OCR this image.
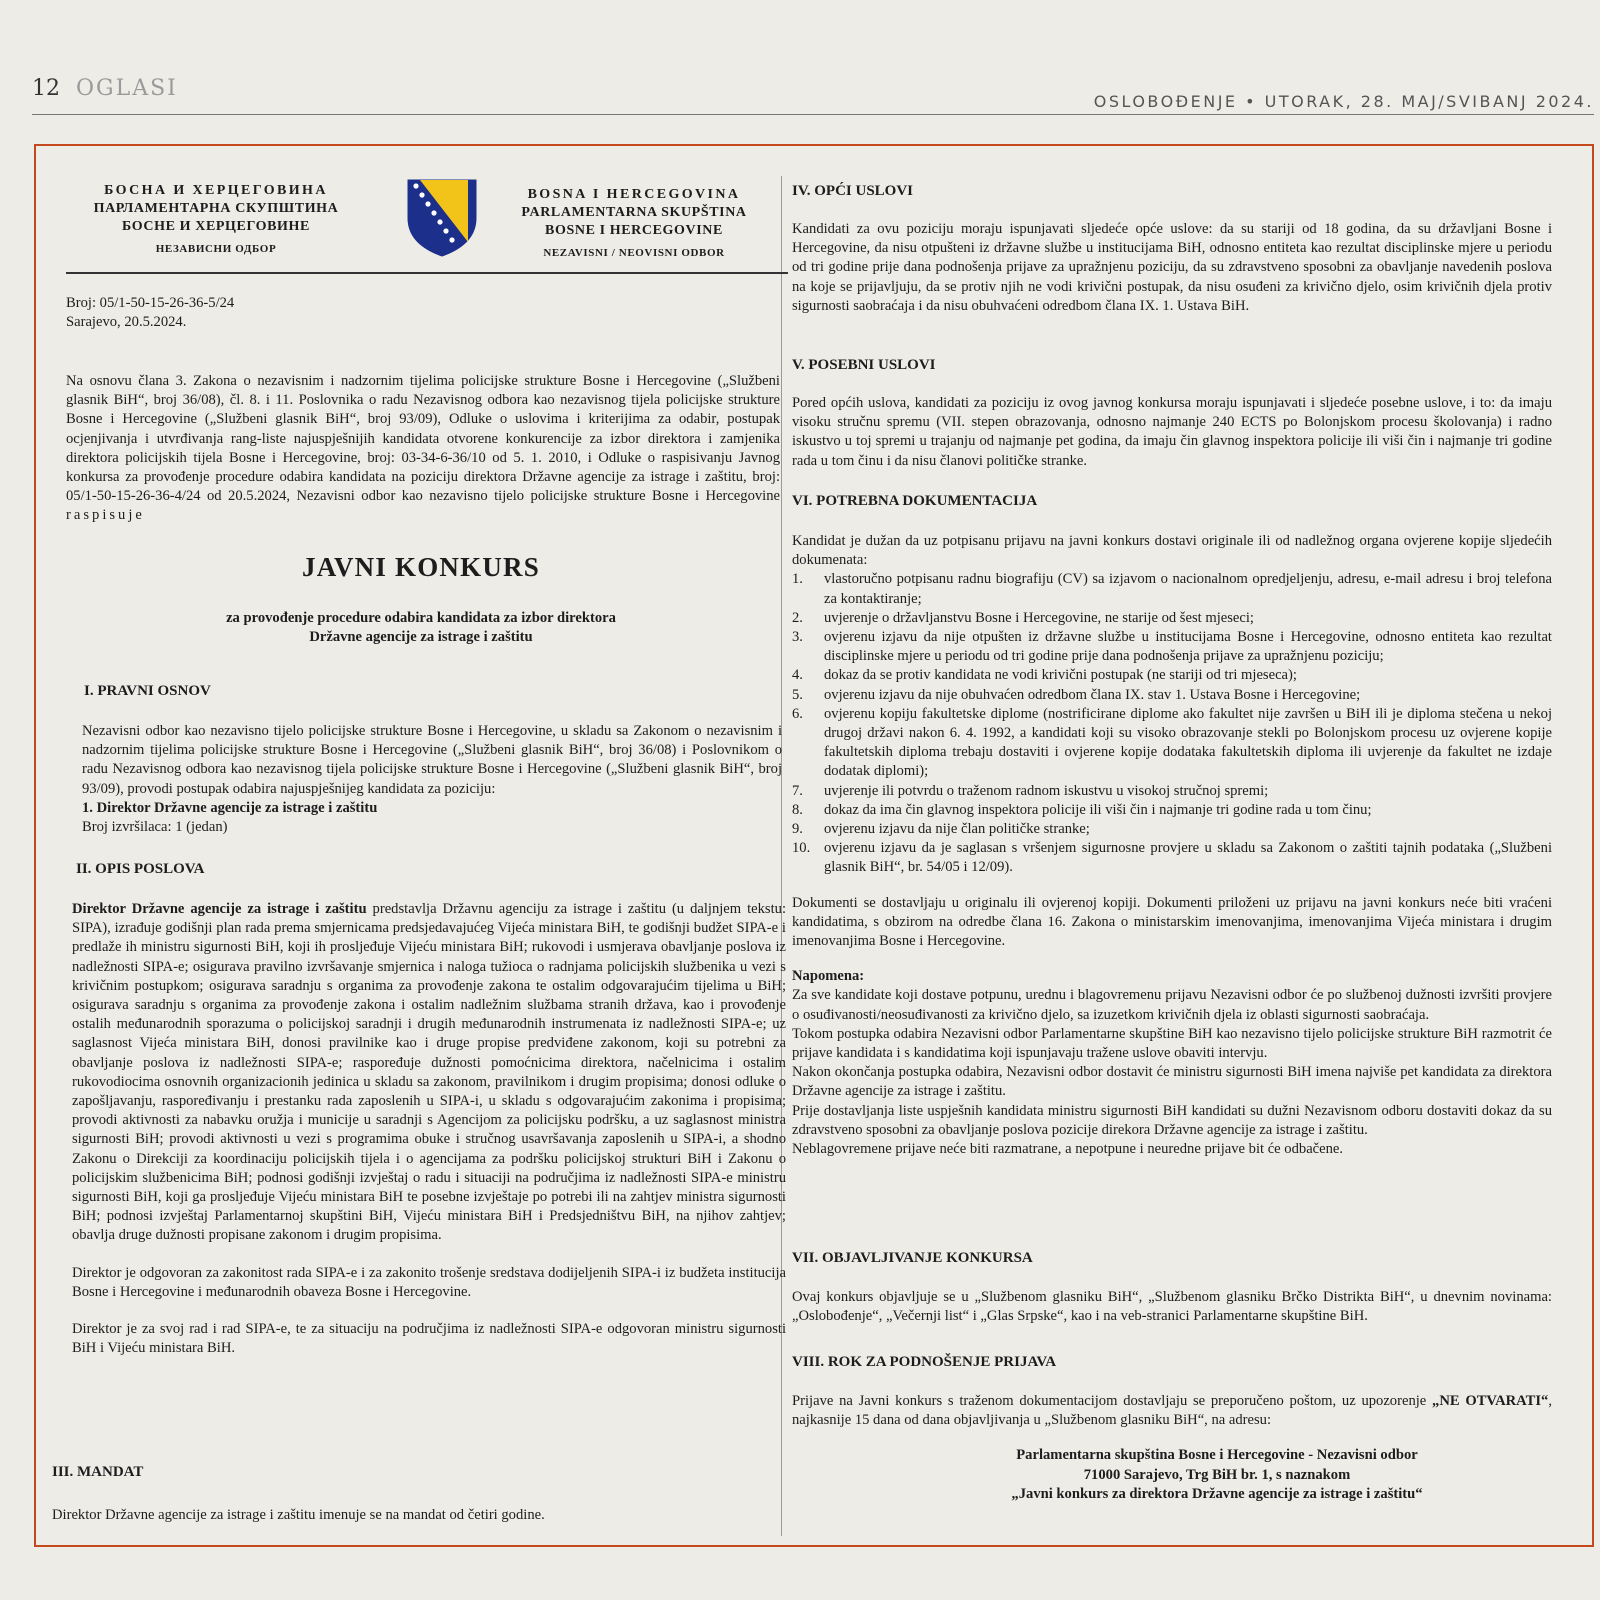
12 OGLASI
OSLOBOĐENJE • UTORAK, 28. MAJ/SVIBANJ 2024.
БОСНА И ХЕРЦЕГОВИНА
ПАРЛАМЕНТАРНА СКУПШТИНА
БОСНЕ И ХЕРЦЕГОВИНЕ
НЕЗАВИСНИ ОДБОР
BOSNA I HERCEGOVINA
PARLAMENTARNA SKUPŠTINA
BOSNE I HERCEGOVINE
NEZAVISNI / NEOVISNI ODBOR
Broj: 05/1-50-15-26-36-5/24
Sarajevo, 20.5.2024.
Na osnovu člana 3. Zakona o nezavisnim i nadzornim tijelima policijske strukture Bosne i Hercegovine („Službeni glasnik BiH“, broj 36/08), čl. 8. i 11. Poslovnika o radu Nezavisnog odbora kao nezavisnog tijela policijske strukture Bosne i Hercegovine („Službeni glasnik BiH“, broj 93/09), Odluke o uslovima i kriterijima za odabir, postupak ocjenjivanja i utvrđivanja rang-liste najuspješnijih kandidata otvorene konkurencije za izbor direktora i zamjenika direktora policijskih tijela Bosne i Hercegovine, broj: 03-34-6-36/10 od 5. 1. 2010, i Odluke o raspisivanju Javnog konkursa za provođenje procedure odabira kandidata na poziciju direktora Državne agencije za istrage i zaštitu, broj: 05/1-50-15-26-36-4/24 od 20.5.2024, Nezavisni odbor kao nezavisno tijelo policijske strukture Bosne i Hercegovine raspisuje
JAVNI KONKURS
za provođenje procedure odabira kandidata za izbor direktora
Državne agencije za istrage i zaštitu
I. PRAVNI OSNOV
Nezavisni odbor kao nezavisno tijelo policijske strukture Bosne i Hercegovine, u skladu sa Zakonom o nezavisnim i nadzornim tijelima policijske strukture Bosne i Hercegovine („Službeni glasnik BiH“, broj 36/08) i Poslovnikom o radu Nezavisnog odbora kao nezavisnog tijela policijske strukture Bosne i Hercegovine („Službeni glasnik BiH“, broj 93/09), provodi postupak odabira najuspješnijeg kandidata za poziciju:
1. Direktor Državne agencije za istrage i zaštitu
Broj izvršilaca: 1 (jedan)
II. OPIS POSLOVA
Direktor Državne agencije za istrage i zaštitu predstavlja Državnu agenciju za istrage i zaštitu (u daljnjem tekstu: SIPA), izrađuje godišnji plan rada prema smjernicama predsjedavajućeg Vijeća ministara BiH, te godišnji budžet SIPA-e i predlaže ih ministru sigurnosti BiH, koji ih prosljeđuje Vijeću ministara BiH; rukovodi i usmjerava obavljanje poslova iz nadležnosti SIPA-e; osigurava pravilno izvršavanje smjernica i naloga tužioca o radnjama policijskih službenika u vezi s krivičnim postupkom; osigurava saradnju s organima za provođenje zakona te ostalim odgovarajućim tijelima u BiH; osigurava saradnju s organima za provođenje zakona i ostalim nadležnim službama stranih država, kao i provođenje ostalih međunarodnih sporazuma o policijskoj saradnji i drugih međunarodnih instrumenata iz nadležnosti SIPA-e; uz saglasnost Vijeća ministara BiH, donosi pravilnike kao i druge propise predviđene zakonom, koji su potrebni za obavljanje poslova iz nadležnosti SIPA-e; raspoređuje dužnosti pomoćnicima direktora, načelnicima i ostalim rukovodiocima osnovnih organizacionih jedinica u skladu sa zakonom, pravilnikom i drugim propisima; donosi odluke o zapošljavanju, raspoređivanju i prestanku rada zaposlenih u SIPA-i, u skladu s odgovarajućim zakonima i propisima; provodi aktivnosti za nabavku oružja i municije u saradnji s Agencijom za policijsku podršku, a uz saglasnost ministra sigurnosti BiH; provodi aktivnosti u vezi s programima obuke i stručnog usavršavanja zaposlenih u SIPA-i, a shodno Zakonu o Direkciji za koordinaciju policijskih tijela i o agencijama za podršku policijskoj strukturi BiH i Zakonu o policijskim službenicima BiH; podnosi godišnji izvještaj o radu i situaciji na područjima iz nadležnosti SIPA-e ministru sigurnosti BiH, koji ga prosljeđuje Vijeću ministara BiH te posebne izvještaje po potrebi ili na zahtjev ministra sigurnosti BiH; podnosi izvještaj Parlamentarnoj skupštini BiH, Vijeću ministara BiH i Predsjedništvu BiH, na njihov zahtjev; obavlja druge dužnosti propisane zakonom i drugim propisima.
Direktor je odgovoran za zakonitost rada SIPA-e i za zakonito trošenje sredstava dodijeljenih SIPA-i iz budžeta institucija Bosne i Hercegovine i međunarodnih obaveza Bosne i Hercegovine.
Direktor je za svoj rad i rad SIPA-e, te za situaciju na područjima iz nadležnosti SIPA-e odgovoran ministru sigurnosti BiH i Vijeću ministara BiH.
III. MANDAT
Direktor Državne agencije za istrage i zaštitu imenuje se na mandat od četiri godine.
IV. OPĆI USLOVI
Kandidati za ovu poziciju moraju ispunjavati sljedeće opće uslove: da su stariji od 18 godina, da su državljani Bosne i Hercegovine, da nisu otpušteni iz državne službe u institucijama BiH, odnosno entiteta kao rezultat disciplinske mjere u periodu od tri godine prije dana podnošenja prijave za upražnjenu poziciju, da su zdravstveno sposobni za obavljanje navedenih poslova na koje se prijavljuju, da se protiv njih ne vodi krivični postupak, da nisu osuđeni za krivično djelo, osim krivičnih djela protiv sigurnosti saobraćaja i da nisu obuhvaćeni odredbom člana IX. 1. Ustava BiH.
V. POSEBNI USLOVI
Pored općih uslova, kandidati za poziciju iz ovog javnog konkursa moraju ispunjavati i sljedeće posebne uslove, i to: da imaju visoku stručnu spremu (VII. stepen obrazovanja, odnosno najmanje 240 ECTS po Bolonjskom procesu školovanja) i radno iskustvo u toj spremi u trajanju od najmanje pet godina, da imaju čin glavnog inspektora policije ili viši čin i najmanje tri godine rada u tom činu i da nisu članovi političke stranke.
VI. POTREBNA DOKUMENTACIJA
Kandidat je dužan da uz potpisanu prijavu na javni konkurs dostavi originale ili od nadležnog organa ovjerene kopije sljedećih dokumenata:
1.	vlastoručno potpisanu radnu biografiju (CV) sa izjavom o nacionalnom opredjeljenju, adresu, e-mail adresu i broj telefona za kontaktiranje;
2.	uvjerenje o državljanstvu Bosne i Hercegovine, ne starije od šest mjeseci;
3.	ovjerenu izjavu da nije otpušten iz državne službe u institucijama Bosne i Hercegovine, odnosno entiteta kao rezultat disciplinske mjere u periodu od tri godine prije dana podnošenja prijave za upražnjenu poziciju;
4.	dokaz da se protiv kandidata ne vodi krivični postupak (ne stariji od tri mjeseca);
5.	ovjerenu izjavu da nije obuhvaćen odredbom člana IX. stav 1. Ustava Bosne i Hercegovine;
6.	ovjerenu kopiju fakultetske diplome (nostrificirane diplome ako fakultet nije završen u BiH ili je diploma stečena u nekoj drugoj državi nakon 6. 4. 1992, a kandidati koji su visoko obrazovanje stekli po Bolonjskom procesu uz ovjerene kopije fakultetskih diploma trebaju dostaviti i ovjerene kopije dodataka fakultetskih diploma ili uvjerenje da fakultet ne izdaje dodatak diplomi);
7.	uvjerenje ili potvrdu o traženom radnom iskustvu u visokoj stručnoj spremi;
8.	dokaz da ima čin glavnog inspektora policije ili viši čin i najmanje tri godine rada u tom činu;
9.	ovjerenu izjavu da nije član političke stranke;
10. ovjerenu izjavu da je saglasan s vršenjem sigurnosne provjere u skladu sa Zakonom o zaštiti tajnih podataka („Službeni glasnik BiH“, br. 54/05 i 12/09).
Dokumenti se dostavljaju u originalu ili ovjerenoj kopiji. Dokumenti priloženi uz prijavu na javni konkurs neće biti vraćeni kandidatima, s obzirom na odredbe člana 16. Zakona o ministarskim imenovanjima, imenovanjima Vijeća ministara i drugim imenovanjima Bosne i Hercegovine.
Napomena:
Za sve kandidate koji dostave potpunu, urednu i blagovremenu prijavu Nezavisni odbor će po službenoj dužnosti izvršiti provjere o osuđivanosti/neosuđivanosti za krivično djelo, sa izuzetkom krivičnih djela iz oblasti sigurnosti saobraćaja.
Tokom postupka odabira Nezavisni odbor Parlamentarne skupštine BiH kao nezavisno tijelo policijske strukture BiH razmotrit će prijave kandidata i s kandidatima koji ispunjavaju tražene uslove obaviti intervju.
Nakon okončanja postupka odabira, Nezavisni odbor dostavit će ministru sigurnosti BiH imena najviše pet kandidata za direktora Državne agencije za istrage i zaštitu.
Prije dostavljanja liste uspješnih kandidata ministru sigurnosti BiH kandidati su dužni Nezavisnom odboru dostaviti dokaz da su zdravstveno sposobni za obavljanje poslova pozicije direkora Državne agencije za istrage i zaštitu.
Neblagovremene prijave neće biti razmatrane, a nepotpune i neuredne prijave bit će odbačene.
VII. OBJAVLJIVANJE KONKURSA
Ovaj konkurs objavljuje se u „Službenom glasniku BiH“, „Službenom glasniku Brčko Distrikta BiH“, u dnevnim novinama: „Oslobođenje“, „Večernji list“ i „Glas Srpske“, kao i na veb-stranici Parlamentarne skupštine BiH.
VIII. ROK ZA PODNOŠENJE PRIJAVA
Prijave na Javni konkurs s traženom dokumentacijom dostavljaju se preporučeno poštom, uz upozorenje „NE OTVARATI“, najkasnije 15 dana od dana objavljivanja u „Službenom glasniku BiH“, na adresu:
Parlamentarna skupština Bosne i Hercegovine - Nezavisni odbor
71000 Sarajevo, Trg BiH br. 1, s naznakom
„Javni konkurs za direktora Državne agencije za istrage i zaštitu“
